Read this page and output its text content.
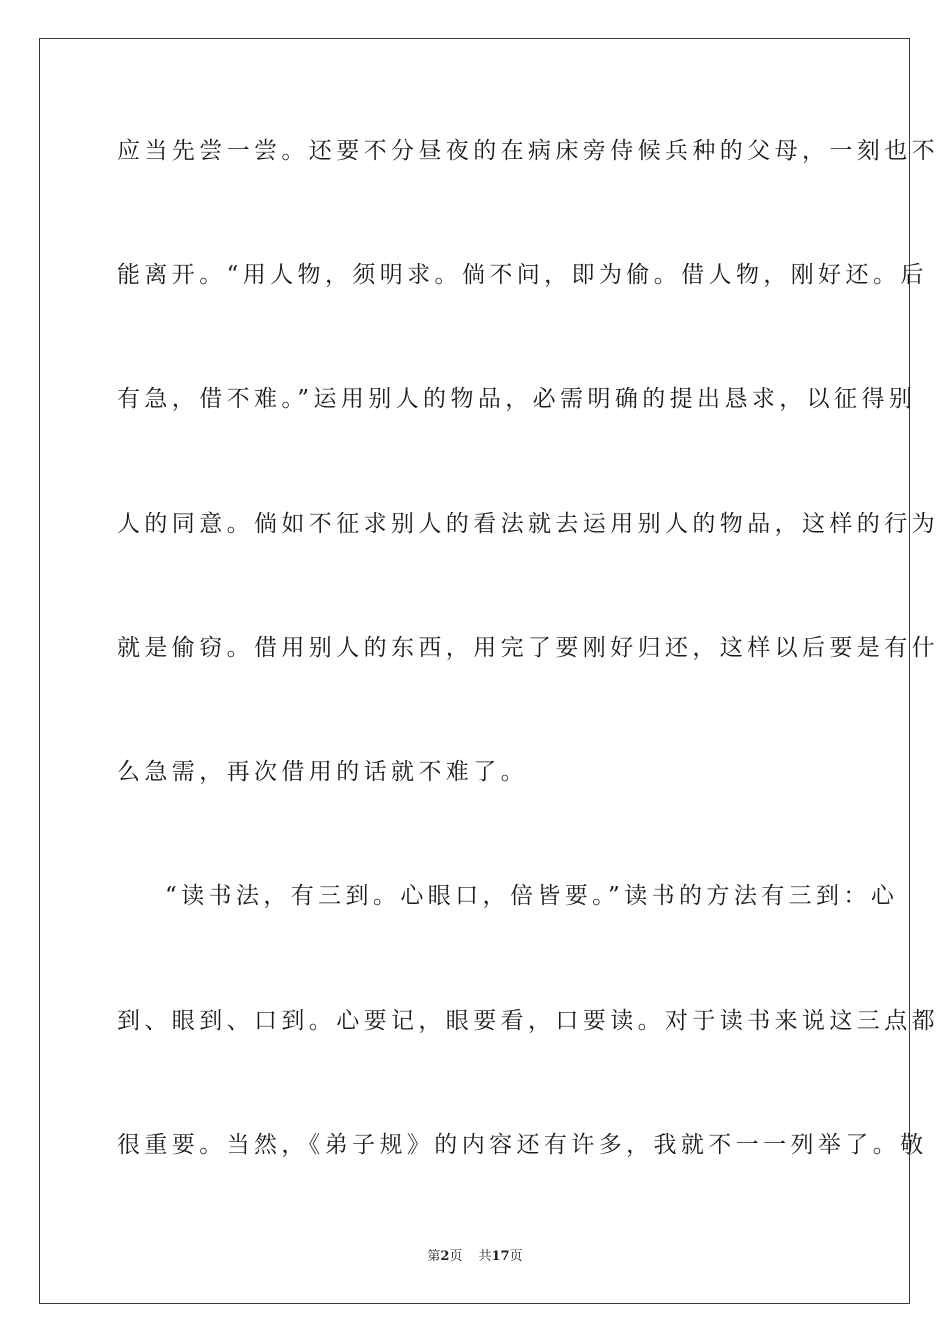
应当先尝一尝。还要不分昼夜的在病床旁侍候兵种的父母，一刻也不
能离开。“用人物，须明求。倘不问，即为偷。借人物，刚好还。后
有急，借不难。”运用别人的物品，必需明确的提出恳求，以征得别
人的同意。倘如不征求别人的看法就去运用别人的物品，这样的行为
就是偷窃。借用别人的东西，用完了要刚好归还，这样以后要是有什
么急需，再次借用的话就不难了。
“读书法，有三到。心眼口，倍皆要。”读书的方法有三到：心
到、眼到、口到。心要记，眼要看，口要读。对于读书来说这三点都
很重要。当然，《弟子规》的内容还有许多，我就不一一列举了。敬
第2页 共17页
